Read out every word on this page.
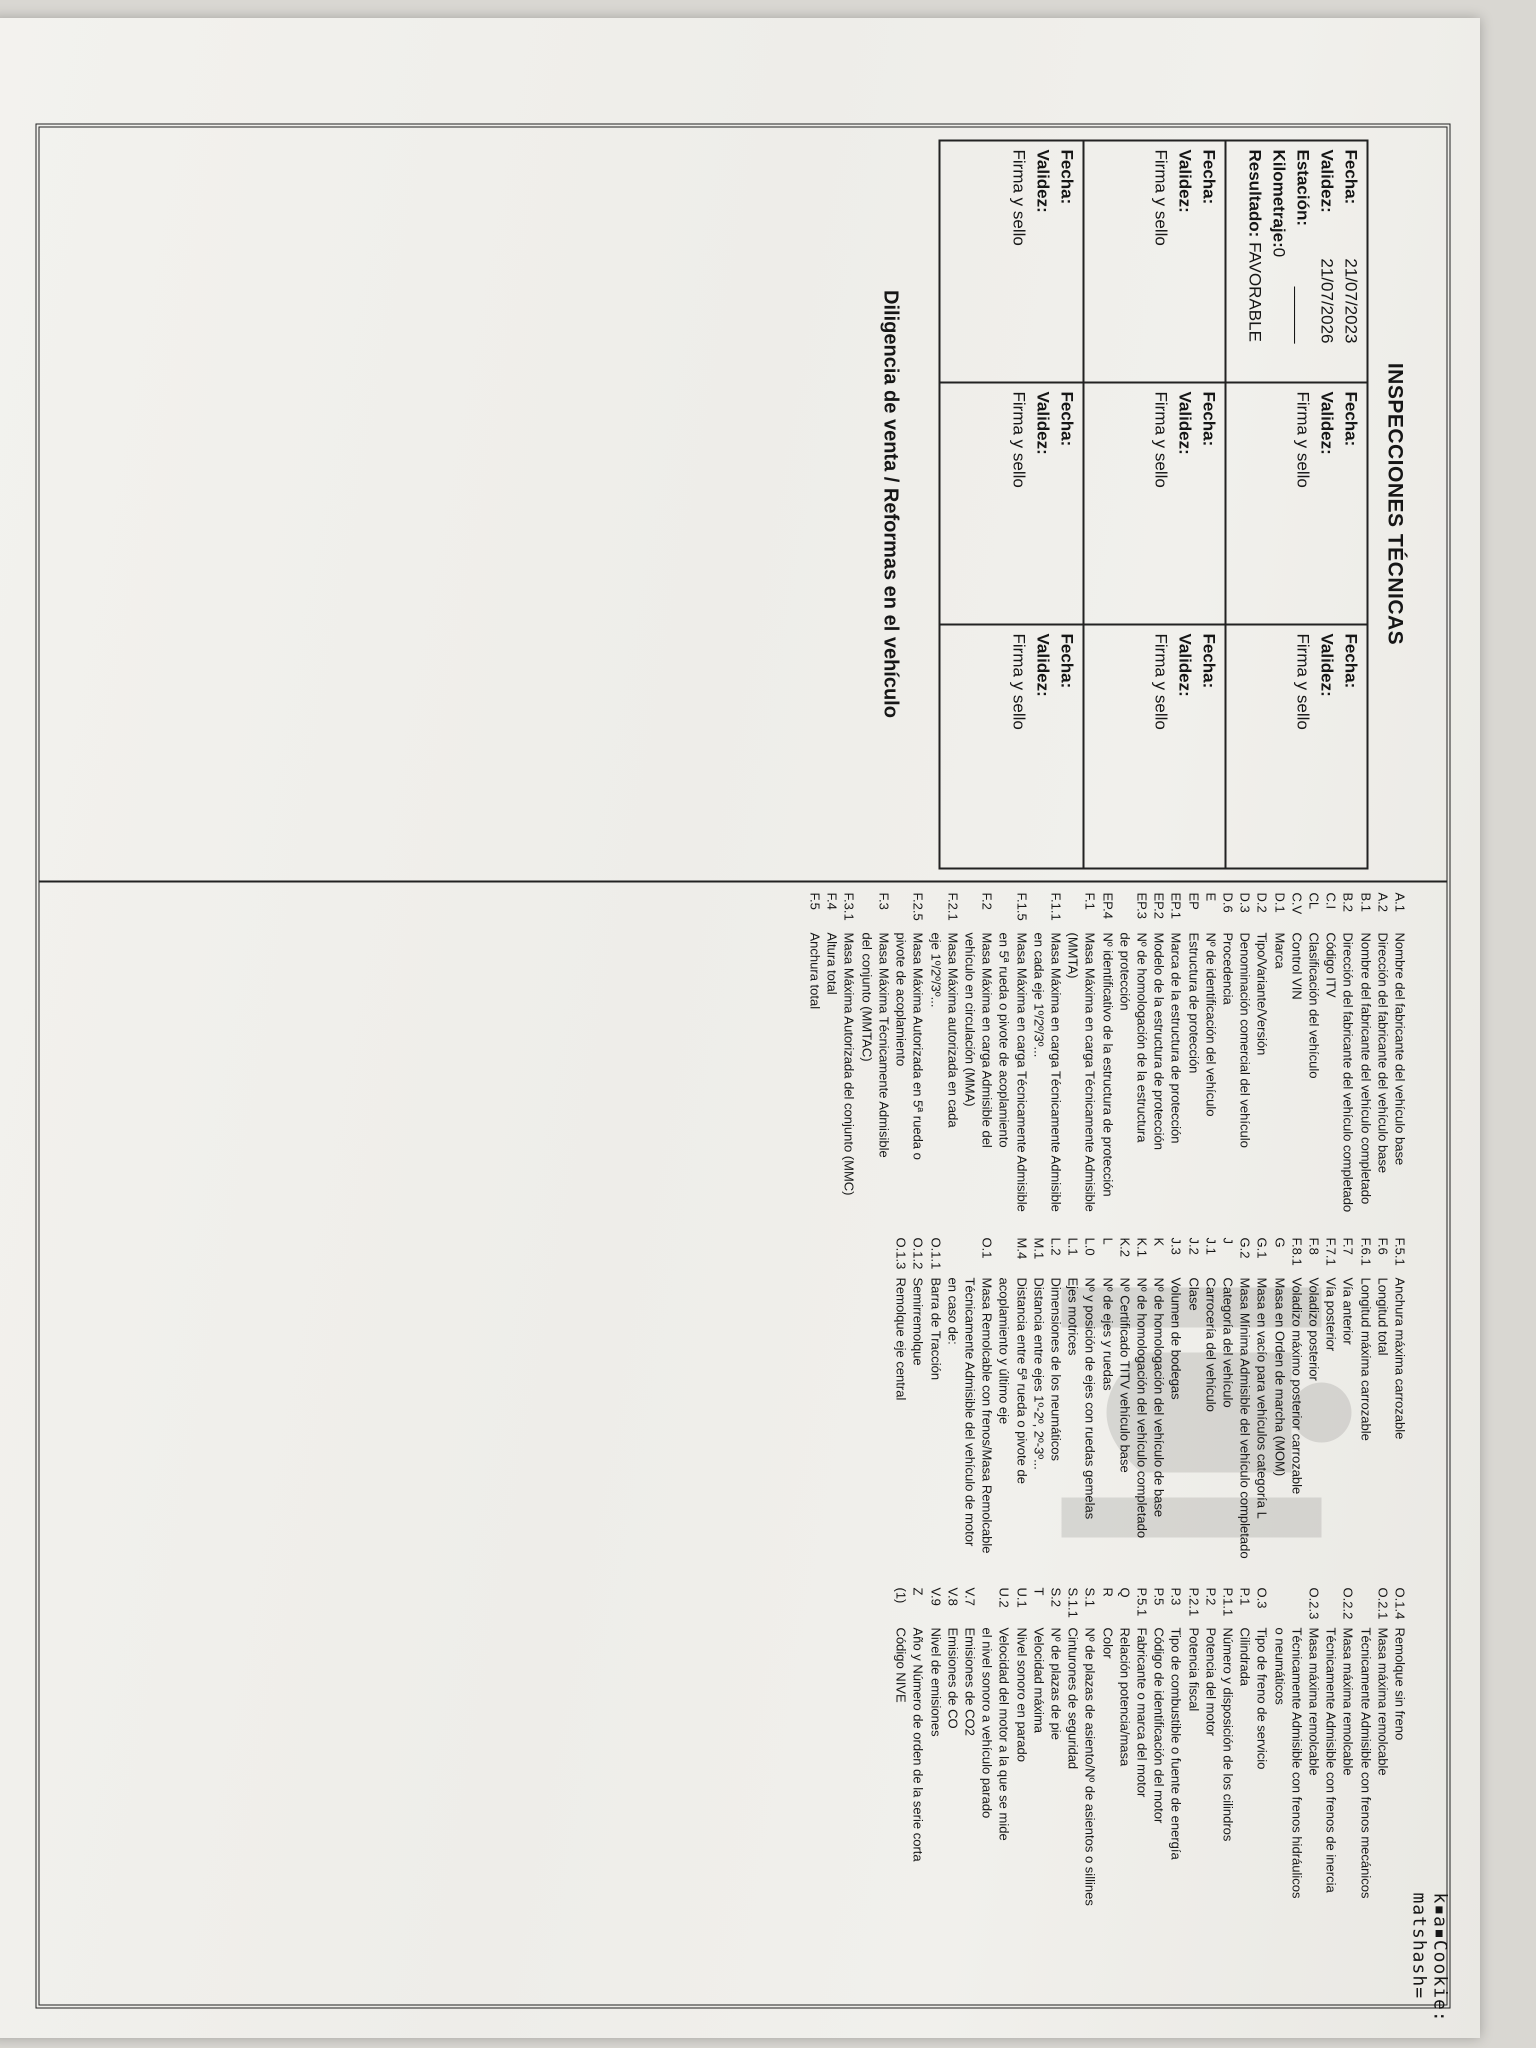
INSPECCIONES TÉCNICAS
Fecha:
21/07/2023
Validez:
21/07/2026
Estación:
______
Kilometraje:0
Resultado: FAVORABLE
Fecha:
Validez:
Firma y sello
Fecha:
Validez:
Firma y sello
Fecha:
Validez:
Firma y sello
Fecha:
Validez:
Firma y sello
Fecha:
Validez:
Firma y sello
Fecha:
Validez:
Firma y sello
Fecha:
Validez:
Firma y sello
Fecha:
Validez:
Firma y sello
Diligencia de venta / Reformas en el vehículo
k▪a▪Cookie: matshash=
A.1
Nombre del fabricante del vehículo base
A.2
Dirección del fabricante del vehículo base
B.1
Nombre del fabricante del vehículo completado
B.2
Dirección del fabricante del vehículo completado
C.I
Código ITV
CL
Clasificación del vehículo
C.V
Control VIN
D.1
Marca
D.2
Tipo/Variante/Versión
D.3
Denominación comercial del vehículo
D.6
Procedencia
E
Nº de identificación del vehículo
EP
Estructura de protección
EP.1
Marca de la estructura de protección
EP.2
Modelo de la estructura de protección
EP.3
Nº de homologación de la estructura
de protección
EP.4
Nº identificativo de la estructura de protección
F.1
Masa Máxima en carga Técnicamente Admisible
(MMTA)
F.1.1
Masa Máxima en carga Técnicamente Admisible
en cada eje 1º/2º/3º...
F.1.5
Masa Máxima en carga Técnicamente Admisible
en 5ª rueda o pivote de acoplamiento
F.2
Masa Máxima en carga Admisible del
vehículo en circulación (MMA)
F.2.1
Masa Máxima autorizada en cada
eje 1º/2º/3º...
F.2.5
Masa Máxima Autorizada en 5ª rueda o
pivote de acoplamiento
F.3
Masa Máxima Técnicamente Admisible
del conjunto (MMTAC)
F.3.1
Masa Máxima Autorizada del conjunto (MMC)
F.4
Altura total
F.5
Anchura total
F.5.1
Anchura máxima carrozable
F.6
Longitud total
F.6.1
Longitud máxima carrozable
F.7
Vía anterior
F.7.1
Vía posterior
F.8
Voladizo posterior
F.8.1
Voladizo máximo posterior carrozable
G
Masa en Orden de marcha (MOM)
G.1
Masa en vacío para vehículos categoría L
G.2
Masa Mínima Admisible del vehículo completado
J
Categoría del vehículo
J.1
Carrocería del vehículo
J.2
Clase
J.3
Volumen de bodegas
K
Nº de homologación del vehículo de base
K.1
Nº de homologación del vehículo completado
K.2
Nº Certificado TITV vehículo base
L
Nº de ejes y ruedas
L.0
Nº y posición de ejes con ruedas gemelas
L.1
Ejes motrices
L.2
Dimensiones de los neumáticos
M.1
Distancia entre ejes 1º-2º, 2º-3º...
M.4
Distancia entre 5ª rueda o pivote de
acoplamiento y último eje
O.1
Masa Remolcable con frenos/Masa Remolcable
Técnicamente Admisible del vehículo de motor
en caso de:
O.1.1
Barra de Tracción
O.1.2
Semirremolque
O.1.3
Remolque eje central
O.1.4
Remolque sin freno
O.2.1
Masa máxima remolcable
Técnicamente Admisible con frenos mecánicos
O.2.2
Masa máxima remolcable
Técnicamente Admisible con frenos de inercia
O.2.3
Masa máxima remolcable
Técnicamente Admisible con frenos hidráulicos
o neumáticos
O.3
Tipo de freno de servicio
P.1
Cilindrada
P.1.1
Número y disposición de los cilindros
P.2
Potencia del motor
P.2.1
Potencia fiscal
P.3
Tipo de combustible o fuente de energía
P.5
Código de identificación del motor
P.5.1
Fabricante o marca del motor
Q
Relación potencia/masa
R
Color
S.1
Nº de plazas de asiento/Nº de asientos o sillines
S.1.1
Cinturones de seguridad
S.2
Nº de plazas de pie
T
Velocidad máxima
U.1
Nivel sonoro en parado
U.2
Velocidad del motor a la que se mide
el nivel sonoro a vehículo parado
V.7
Emisiones de CO2
V.8
Emisiones de CO
V.9
Nivel de emisiones
Z
Año y Número de orden de la serie corta
(1)
Código NIVE
